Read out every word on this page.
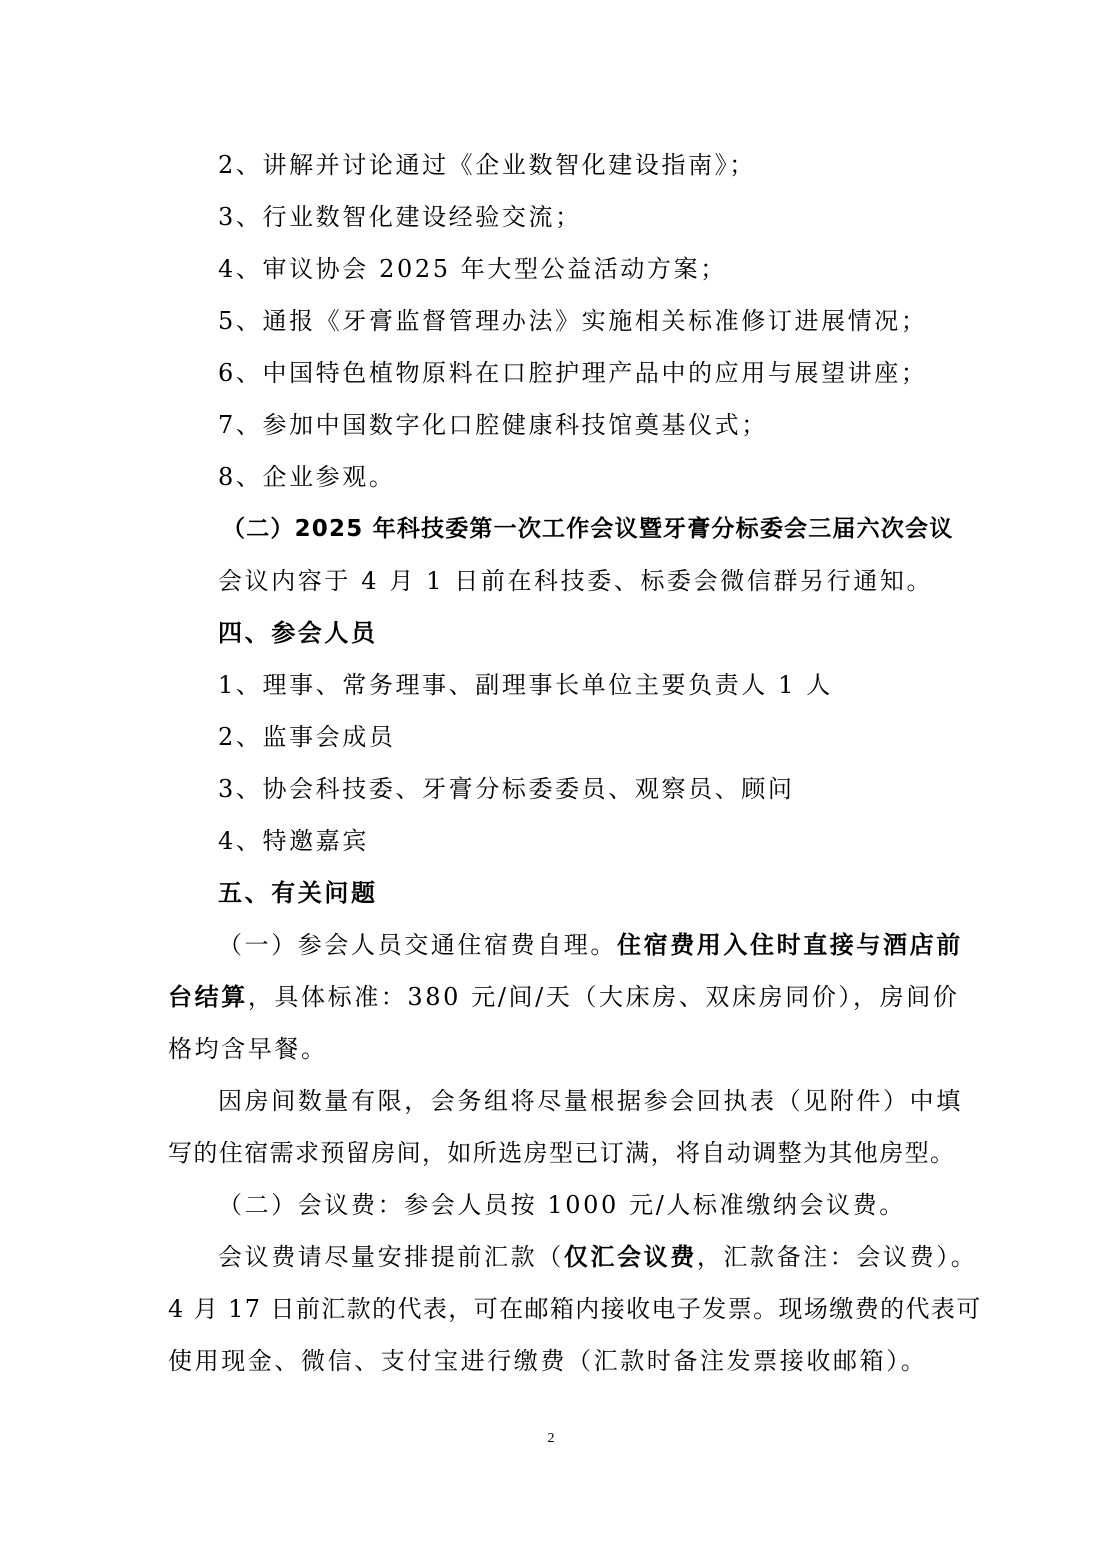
2、讲解并讨论通过《企业数智化建设指南》；
3、行业数智化建设经验交流；
4、审议协会 2025 年大型公益活动方案；
5、通报《牙膏监督管理办法》实施相关标准修订进展情况；
6、中国特色植物原料在口腔护理产品中的应用与展望讲座；
7、参加中国数字化口腔健康科技馆奠基仪式；
8、企业参观。
（二）2025 年科技委第一次工作会议暨牙膏分标委会三届六次会议
会议内容于 4 月 1 日前在科技委、标委会微信群另行通知。
四、参会人员
1、理事、常务理事、副理事长单位主要负责人 1 人
2、监事会成员
3、协会科技委、牙膏分标委委员、观察员、顾问
4、特邀嘉宾
五、有关问题
（一）参会人员交通住宿费自理。住宿费用入住时直接与酒店前
台结算，具体标准：380 元/间/天（大床房、双床房同价），房间价
格均含早餐。
因房间数量有限，会务组将尽量根据参会回执表（见附件）中填
写的住宿需求预留房间，如所选房型已订满，将自动调整为其他房型。
（二）会议费：参会人员按 1000 元/人标准缴纳会议费。
会议费请尽量安排提前汇款（仅汇会议费，汇款备注：会议费）。
4 月 17 日前汇款的代表，可在邮箱内接收电子发票。现场缴费的代表可
使用现金、微信、支付宝进行缴费（汇款时备注发票接收邮箱）。
2
